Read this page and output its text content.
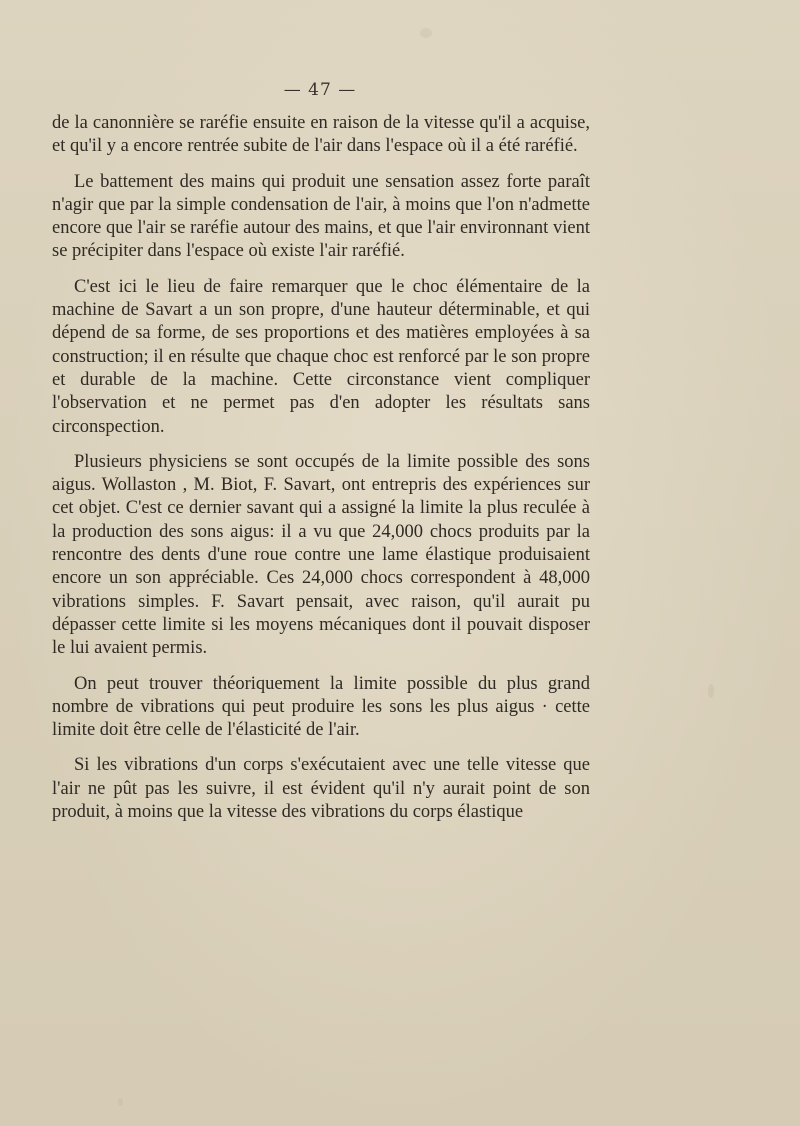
— 47 —

de la canonnière se raréfie ensuite en raison de la vitesse qu'il a acquise, et qu'il y a encore rentrée subite de l'air dans l'espace où il a été raréfié.

Le battement des mains qui produit une sensation assez forte paraît n'agir que par la simple condensation de l'air, à moins que l'on n'admette encore que l'air se raréfie autour des mains, et que l'air environnant vient se précipiter dans l'espace où existe l'air raréfié.

C'est ici le lieu de faire remarquer que le choc élémentaire de la machine de Savart a un son propre, d'une hauteur déterminable, et qui dépend de sa forme, de ses proportions et des matières employées à sa construction; il en résulte que chaque choc est renforcé par le son propre et durable de la machine. Cette circonstance vient compliquer l'observation et ne permet pas d'en adopter les résultats sans circonspection.

Plusieurs physiciens se sont occupés de la limite possible des sons aigus. Wollaston , M. Biot, F. Savart, ont entrepris des expériences sur cet objet. C'est ce dernier savant qui a assigné la limite la plus reculée à la production des sons aigus: il a vu que 24,000 chocs produits par la rencontre des dents d'une roue contre une lame élastique produisaient encore un son appréciable. Ces 24,000 chocs correspondent à 48,000 vibrations simples. F. Savart pensait, avec raison, qu'il aurait pu dépasser cette limite si les moyens mécaniques dont il pouvait disposer le lui avaient permis.

On peut trouver théoriquement la limite possible du plus grand nombre de vibrations qui peut produire les sons les plus aigus · cette limite doit être celle de l'élasticité de l'air.

Si les vibrations d'un corps s'exécutaient avec une telle vitesse que l'air ne pût pas les suivre, il est évident qu'il n'y aurait point de son produit, à moins que la vitesse des vibrations du corps élastique
